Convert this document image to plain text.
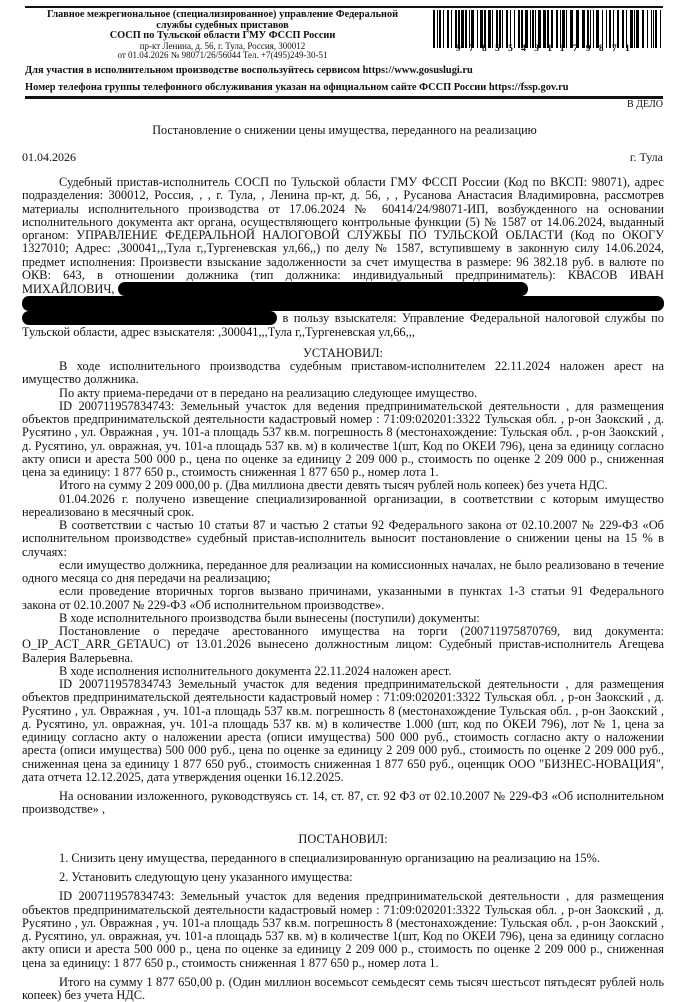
Главное межрегиональное (специализированное) управление Федеральной
службы судебных приставов
СОСП по Тульской области ГМУ ФССП России
пр-кт Ленина, д. 56, г. Тула, Россия, 300012
от 01.04.2026 № 98071/26/56044 Тел. +7(495)249-30-51
97855431179871
Для участия в исполнительном производстве воспользуйтесь сервисом https://www.gosuslugi.ru
Номер телефона группы телефонного обслуживания указан на официальном сайте ФССП России https://fssp.gov.ru
В ДЕЛО
Постановление о снижении цены имущества, переданного на реализацию
01.04.2026	г. Тула

Судебный пристав-исполнитель СОСП по Тульской области ГМУ ФССП России (Код по ВКСП: 98071), адрес подразделения: 300012, Россия, , , г. Тула, , Ленина пр-кт, д. 56, , , Русанова Анастасия Владимировна, рассмотрев материалы исполнительного производства от 17.06.2024 № 60414/24/98071-ИП, возбужденного на основании исполнительного документа акт органа, осуществляющего контрольные функции (5) № 1587 от 14.06.2024, выданный органом: УПРАВЛЕНИЕ ФЕДЕРАЛЬНОЙ НАЛОГОВОЙ СЛУЖБЫ ПО ТУЛЬСКОЙ ОБЛАСТИ (Код по ОКОГУ 1327010; Адрес: ,300041,,,Тула г,,Тургеневская ул,66,,) по делу № 1587, вступившему в законную силу 14.06.2024, предмет исполнения: Произвести взыскание задолженности за счет имущества в размере: 96 382.18 руб. в валюте по ОКВ: 643, в отношении должника (тип должника: индивидуальный предприниматель): КВАСОВ ИВАН МИХАЙЛОВИЧ,
в пользу взыскателя: Управление Федеральной налоговой службы по Тульской области, адрес взыскателя: ,300041,,,Тула г,,Тургеневская ул,66,,,

УСТАНОВИЛ:

В ходе исполнительного производства судебным приставом-исполнителем 22.11.2024 наложен арест на имущество должника.

По акту приема-передачи от в передано на реализацию следующее имущество.

ID 200711957834743: Земельный участок для ведения предпринимательской деятельности , для размещения объектов предпринимательской деятельности кадастровый номер : 71:09:020201:3322 Тульская обл. , р-он Заокский , д. Русятино , ул. Овражная , уч. 101-а площадь 537 кв.м. погрешность 8 (местонахождение: Тульская обл. , р-он Заокский , д. Русятино, ул. овражная, уч. 101-а площадь 537 кв. м) в количестве 1(шт, Код по ОКЕИ 796), цена за единицу согласно акту описи и ареста 500 000 р., цена по оценке за единицу 2 209 000 р., стоимость по оценке 2 209 000 р., сниженная цена за единицу: 1 877 650 р., стоимость сниженная 1 877 650 р., номер лота 1.

Итого на сумму 2 209 000,00 р. (Два миллиона двести девять тысяч рублей ноль копеек) без учета НДС.

01.04.2026 г. получено извещение специализированной организации, в соответствии с которым имущество нереализовано в месячный срок.

В соответствии с частью 10 статьи 87 и частью 2 статьи 92 Федерального закона от 02.10.2007 № 229-ФЗ «Об исполнительном производстве» судебный пристав-исполнитель выносит постановление о снижении цены на 15 % в случаях:

если имущество должника, переданное для реализации на комиссионных началах, не было реализовано в течение одного месяца со дня передачи на реализацию;

если проведение вторичных торгов вызвано причинами, указанными в пунктах 1-3 статьи 91 Федерального закона от 02.10.2007 № 229-ФЗ «Об исполнительном производстве».

В ходе исполнительного производства были вынесены (поступили) документы:

Постановление о передаче арестованного имущества на торги (200711975870769, вид документа: O_IP_ACT_ARR_GETAUC) от 13.01.2026 вынесено должностным лицом: Судебный пристав-исполнитель Агещева Валерия Валерьевна.

В ходе исполнения исполнительного документа 22.11.2024 наложен арест.

ID 200711957834743 Земельный участок для ведения предпринимательской деятельности , для размещения объектов предпринимательской деятельности кадастровый номер : 71:09:020201:3322 Тульская обл. , р-он Заокский , д. Русятино , ул. Овражная , уч. 101-а площадь 537 кв.м. погрешность 8 (местонахождение Тульская обл. , р-он Заокский , д. Русятино, ул. овражная, уч. 101-а площадь 537 кв. м) в количестве 1.000 (шт, код по ОКЕИ 796), лот № 1, цена за единицу согласно акту о наложении ареста (описи имущества) 500 000 руб., стоимость согласно акту о наложении ареста (описи имущества) 500 000 руб., цена по оценке за единицу 2 209 000 руб., стоимость по оценке 2 209 000 руб., сниженная цена за единицу 1 877 650 руб., стоимость сниженная 1 877 650 руб., оценщик ООО "БИЗНЕС-НОВАЦИЯ", дата отчета 12.12.2025, дата утверждения оценки 16.12.2025.

На основании изложенного, руководствуясь ст. 14, ст. 87, ст. 92 ФЗ от 02.10.2007 № 229-ФЗ «Об исполнительном производстве» ,

ПОСТАНОВИЛ:

1. Снизить цену имущества, переданного в специализированную организацию на реализацию на 15%.

2. Установить следующую цену указанного имущества:

ID 200711957834743: Земельный участок для ведения предпринимательской деятельности , для размещения объектов предпринимательской деятельности кадастровый номер : 71:09:020201:3322 Тульская обл. , р-он Заокский , д. Русятино , ул. Овражная , уч. 101-а площадь 537 кв.м. погрешность 8 (местонахождение: Тульская обл. , р-он Заокский , д. Русятино, ул. овражная, уч. 101-а площадь 537 кв. м) в количестве 1(шт, Код по ОКЕИ 796), цена за единицу согласно акту описи и ареста 500 000 р., цена по оценке за единицу 2 209 000 р., стоимость по оценке 2 209 000 р., сниженная цена за единицу: 1 877 650 р., стоимость сниженная 1 877 650 р., номер лота 1.

Итого на сумму 1 877 650,00 р. (Один миллион восемьсот семьдесят семь тысяч шестьсот пятьдесят рублей ноль копеек) без учета НДС.
